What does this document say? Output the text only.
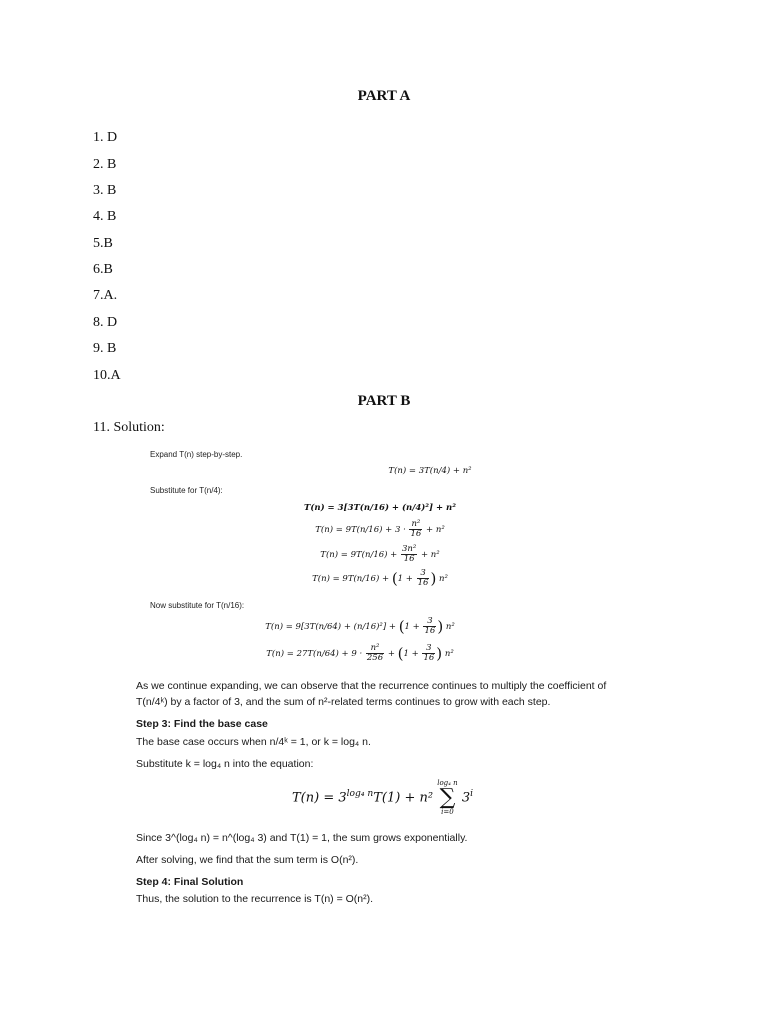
PART A
1. D
2. B
3. B
4. B
5.B
6.B
7.A.
8. D
9. B
10.A
PART B
11. Solution:
Expand T(n) step-by-step.
T(n) = 3T(n/4) + n²
Substitute for T(n/4):
T(n) = 3[3T(n/16) + (n/4)²] + n²
$T(n) = 9T(n/16) + 3 \cdot \frac{\text{n²}}{16} + n^2$
$T(n) = 9T(n/16) + \frac{\text{3n²}}{16} + n^2$
$T(n) = 9T(n/16) + (1 + \frac{3}{16}$ ) n²
Now substitute for T(n/16):
$T(n) = 9[3T(n/64) + (n/16)^2] + (1 + \frac{3}{16}$ ) n²
$T(n) = 27T(n/64) + 9 \cdot \frac{\text{n²}}{256} + (1 + \frac{3}{16}$ ) n²
As we continue expanding, we can observe that the recurrence continues to multiply the coefficient of
T(n/4ᵏ) by a factor of 3, and the sum of n²-related terms continues to grow with each step.
Step 3: Find the base case
The base case occurs when n/4ᵏ = 1, or k = log₄ n.
Substitute k = log₄ n into the equation:
$T(n) = 3^{log_4 n}T(1) + n^2$
log₄ n
∑
i=0
3$^i$
Since 3^(log₄ n) = n^(log₄ 3) and T(1) = 1, the sum grows exponentially.
After solving, we find that the sum term is O(n²).
Step 4: Final Solution
Thus, the solution to the recurrence is T(n) = O(n²).
